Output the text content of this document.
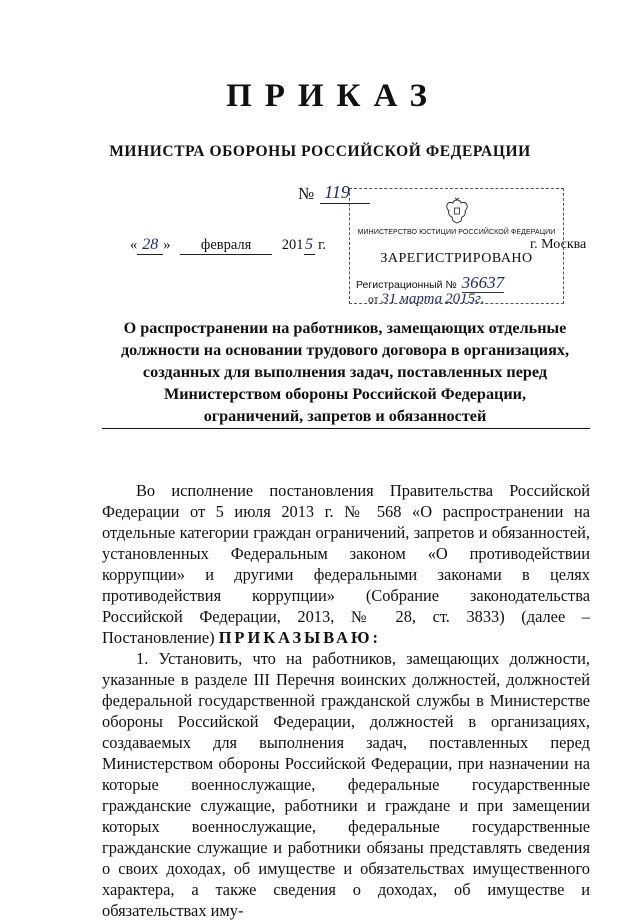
ПРИКАЗ
МИНИСТРА ОБОРОНЫ РОССИЙСКОЙ ФЕДЕРАЦИИ
№ 119
« 28 » февраля 2015 г.
МИНИСТЕРСТВО ЮСТИЦИИ РОССИЙСКОЙ ФЕДЕРАЦИИ
ЗАРЕГИСТРИРОВАНО
Регистрационный № 36637
от 31 марта 2015г.
г. Москва
О распространении на работников, замещающих отдельные
должности на основании трудового договора в организациях,
созданных для выполнения задач, поставленных перед
Министерством обороны Российской Федерации,
ограничений, запретов и обязанностей

Во исполнение постановления Правительства Российской Федерации от 5 июля 2013 г. № 568 «О распространении на отдельные категории граждан ограничений, запретов и обязанностей, установленных Федеральным законом «О противодействии коррупции» и другими федеральными законами в целях противодействия коррупции» (Собрание законодательства Российской Федерации, 2013, № 28, ст. 3833) (далее – Постановление) ПРИКАЗЫВАЮ:

1. Установить, что на работников, замещающих должности, указанные в разделе III Перечня воинских должностей, должностей федеральной государственной гражданской службы в Министерстве обороны Российской Федерации, должностей в организациях, создаваемых для выполнения задач, поставленных перед Министерством обороны Российской Федерации, при назначении на которые военнослужащие, федеральные государственные гражданские служащие, работники и граждане и при замещении которых военнослужащие, федеральные государственные гражданские служащие и работники обязаны представлять сведения о своих доходах, об имуществе и обязательствах имущественного характера, а также сведения о доходах, об имуществе и обязательствах иму-
